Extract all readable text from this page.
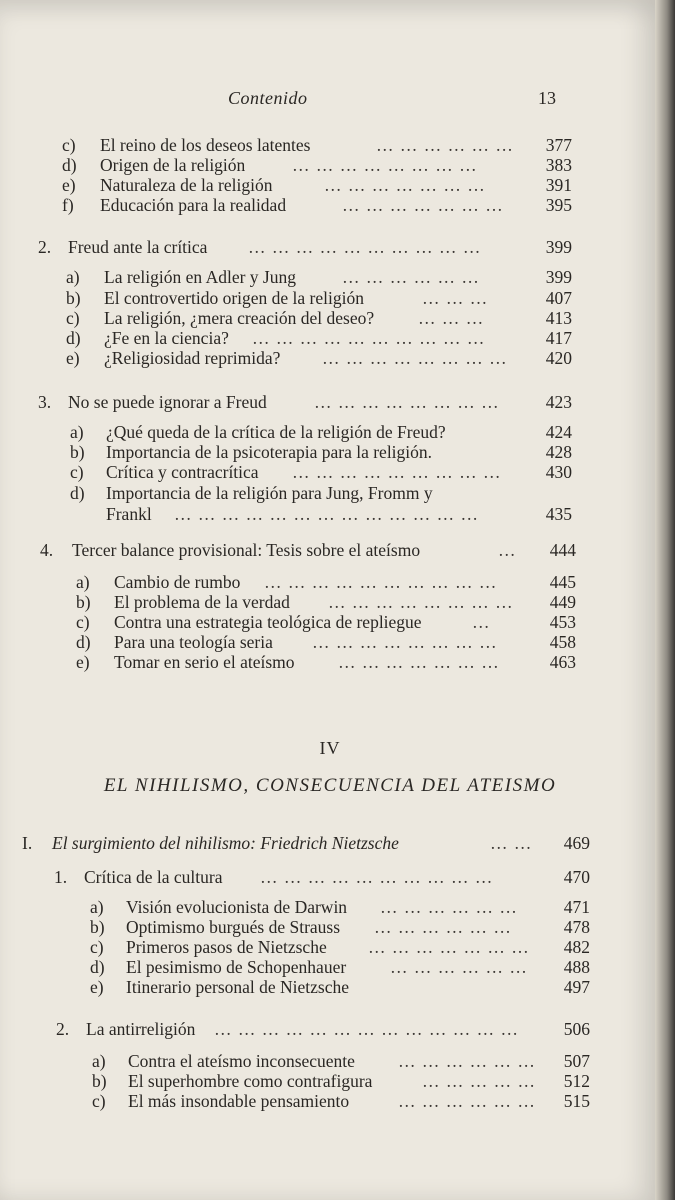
Contenido	13
c) El reino de los deseos latentes	… … … … … …	377
d) Origen de la religión	… … … … … … … …	383
e) Naturaleza de la religión	… … … … … … …	391
f) Educación para la realidad	… … … … … … …	395
2. Freud ante la crítica … … … … … … … … … …	399
a) La religión en Adler y Jung	… … … … … …	399
b) El controvertido origen de la religión	… … …	407
c) La religión, ¿mera creación del deseo?	… … …	413
d) ¿Fe en la ciencia? … … … … … … … … … …	417
e) ¿Religiosidad reprimida? … … … … … … … …	420
3. No se puede ignorar a Freud	… … … … … … … …	423
a) ¿Qué queda de la crítica de la religión de Freud?	424
b) Importancia de la psicoterapia para la religión.	428
c) Crítica y contracrítica … … … … … … … … …	430
d) Importancia de la religión para Jung, Fromm y
Frankl … … … … … … … … … … … … …	435
4. Tercer balance provisional: Tesis sobre el ateísmo	…	444
a) Cambio de rumbo … … … … … … … … … …	445
b) El problema de la verdad … … … … … … … …	449
c) Contra una estrategia teológica de repliegue	…	453
d) Para una teología seria … … … … … … … …	458
e) Tomar en serio el ateísmo … … … … … … …	463
IV
EL NIHILISMO, CONSECUENCIA DEL ATEISMO
I. El surgimiento del nihilismo: Friedrich Nietzsche	… …	469
1. Crítica de la cultura … … … … … … … … … …	470
a) Visión evolucionista de Darwin … … … … … …	471
b) Optimismo burgués de Strauss … … … … … …	478
c) Primeros pasos de Nietzsche … … … … … … …	482
d) El pesimismo de Schopenhauer	… … … … … …	488
e) Itinerario personal de Nietzsche	497
2. La antirreligión … … … … … … … … … … … … …	506
a) Contra el ateísmo inconsecuente … … … … … …	507
b) El superhombre como contrafigura	… … … … …	512
c) El más insondable pensamiento	… … … … … …	515
